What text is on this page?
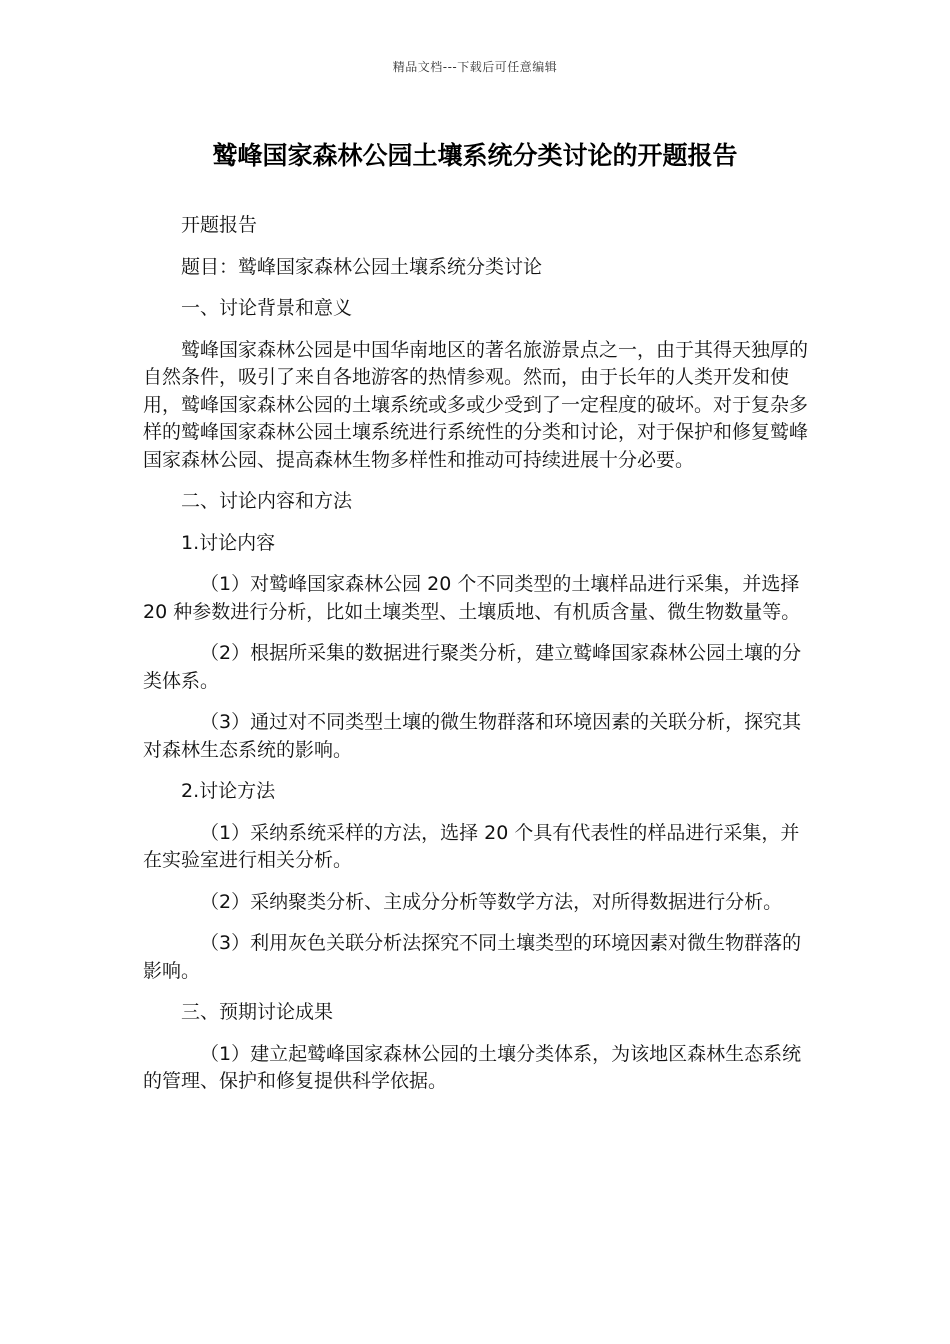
精品文档---下载后可任意编辑
鹫峰国家森林公园土壤系统分类讨论的开题报告

开题报告

题目：鹫峰国家森林公园土壤系统分类讨论

一、讨论背景和意义

鹫峰国家森林公园是中国华南地区的著名旅游景点之一，由于其得天独厚的自然条件，吸引了来自各地游客的热情参观。然而，由于长年的人类开发和使用，鹫峰国家森林公园的土壤系统或多或少受到了一定程度的破坏。对于复杂多样的鹫峰国家森林公园土壤系统进行系统性的分类和讨论，对于保护和修复鹫峰国家森林公园、提高森林生物多样性和推动可持续进展十分必要。

二、讨论内容和方法

1.讨论内容

（1）对鹫峰国家森林公园 20 个不同类型的土壤样品进行采集，并选择 20 种参数进行分析，比如土壤类型、土壤质地、有机质含量、微生物数量等。

（2）根据所采集的数据进行聚类分析，建立鹫峰国家森林公园土壤的分类体系。

（3）通过对不同类型土壤的微生物群落和环境因素的关联分析，探究其对森林生态系统的影响。

2.讨论方法

（1）采纳系统采样的方法，选择 20 个具有代表性的样品进行采集，并在实验室进行相关分析。

（2）采纳聚类分析、主成分分析等数学方法，对所得数据进行分析。

（3）利用灰色关联分析法探究不同土壤类型的环境因素对微生物群落的影响。

三、预期讨论成果

（1）建立起鹫峰国家森林公园的土壤分类体系，为该地区森林生态系统的管理、保护和修复提供科学依据。
